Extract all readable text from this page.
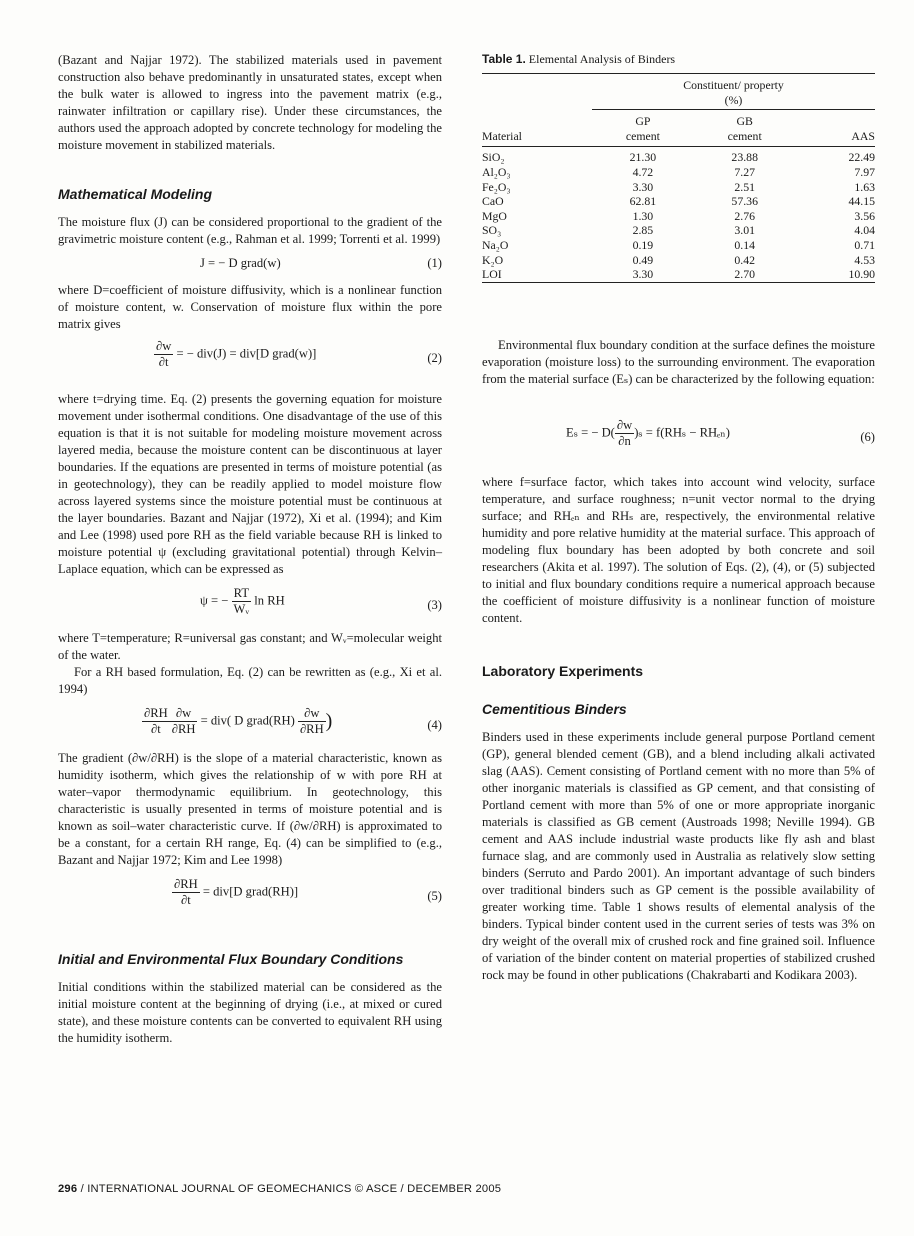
(Bazant and Najjar 1972). The stabilized materials used in pavement construction also behave predominantly in unsaturated states, except when the bulk water is allowed to ingress into the pavement matrix (e.g., rainwater infiltration or capillary rise). Under these circumstances, the authors used the approach adopted by concrete technology for modeling the moisture movement in stabilized materials.

Mathematical Modeling

The moisture flux (J) can be considered proportional to the gradient of the gravimetric moisture content (e.g., Rahman et al. 1999; Torrenti et al. 1999)

J = − D grad(w)	(1)

where D=coefficient of moisture diffusivity, which is a nonlinear function of moisture content, w. Conservation of moisture flux within the pore matrix gives

$\frac{\partial w}{\partial t}$ = − div(J) = div[D grad(w)]	(2)

where t=drying time. Eq. (2) presents the governing equation for moisture movement under isothermal conditions. One disadvantage of the use of this equation is that it is not suitable for modeling moisture movement across layered media, because the moisture content can be discontinuous at layer boundaries. If the equations are presented in terms of moisture potential (as in geotechnology), they can be readily applied to model moisture flow across layered systems since the moisture potential must be continuous at the layer boundaries. Bazant and Najjar (1972), Xi et al. (1994); and Kim and Lee (1998) used pore RH as the field variable because RH is linked to moisture potential ψ (excluding gravitational potential) through Kelvin–Laplace equation, which can be expressed as

ψ = − $\frac{RT}{\text{Wᵥ}}$ ln RH	(3)

where T=temperature; R=universal gas constant; and Wᵥ=molecular weight of the water.

For a RH based formulation, Eq. (2) can be rewritten as (e.g., Xi et al. 1994)

$\frac{\partial RH}{\partial t} \frac{\partial w}{\partial RH} = div$( D grad(RH) $\frac{\partial w}{\partial RH}$ )	(4)

The gradient (∂w/∂RH) is the slope of a material characteristic, known as humidity isotherm, which gives the relationship of w with pore RH at water–vapor thermodynamic equilibrium. In geotechnology, this characteristic is usually presented in terms of moisture potential and is known as soil–water characteristic curve. If (∂w/∂RH) is approximated to be a constant, for a certain RH range, Eq. (4) can be simplified to (e.g., Bazant and Najjar 1972; Kim and Lee 1998)

$\frac{\partial RH}{\partial t} = div[D$ grad(RH)]	(5)
Initial and Environmental Flux Boundary Conditions

Initial conditions within the stabilized material can be considered as the initial moisture content at the beginning of drying (i.e., at mixed or cured state), and these moisture contents can be converted to equivalent RH using the humidity isotherm.

Table 1. Elemental Analysis of Binders

	Constituent/ property
(%)		

	GP	GB	
Material	cement	cement	AAS
SiO₂	21.30	23.88	22.49
Al₂O₃	4.72	7.27	7.97
Fe₂O₃	3.30	2.51	1.63
CaO	62.81	57.36	44.15
MgO	1.30	2.76	3.56
SO₃	2.85	3.01	4.04
Na₂O	0.19	0.14	0.71
K₂O	0.49	0.42	4.53
LOI	3.30	2.70	10.90

Environmental flux boundary condition at the surface defines the moisture evaporation (moisture loss) to the surrounding environment. The evaporation from the material surface (Eₛ) can be characterized by the following equation:

Eₛ = − $D( \frac{\partial w}{\partial n} )_s = f(RH_s - RH_{en})$	(6)

where f=surface factor, which takes into account wind velocity, surface temperature, and surface roughness; n=unit vector normal to the drying surface; and RHₑₙ and RHₛ are, respectively, the environmental relative humidity and pore relative humidity at the material surface. This approach of modeling flux boundary has been adopted by both concrete and soil researchers (Akita et al. 1997). The solution of Eqs. (2), (4), or (5) subjected to initial and flux boundary conditions require a numerical approach because the coefficient of moisture diffusivity is a nonlinear function of moisture content.

Laboratory Experiments
Cementitious Binders

Binders used in these experiments include general purpose Portland cement (GP), general blended cement (GB), and a blend including alkali activated slag (AAS). Cement consisting of Portland cement with no more than 5% of other inorganic materials is classified as GP cement, and that consisting of Portland cement with more than 5% of one or more appropriate inorganic materials is classified as GB cement (Austroads 1998; Neville 1994). GB cement and AAS include industrial waste products like fly ash and blast furnace slag, and are commonly used in Australia as relatively slow setting binders (Serruto and Pardo 2001). An important advantage of such binders over traditional binders such as GP cement is the possible availability of greater working time. Table 1 shows results of elemental analysis of the binders. Typical binder content used in the current series of tests was 3% on dry weight of the overall mix of crushed rock and fine grained soil. Influence of variation of the binder content on material properties of stabilized crushed rock may be found in other publications (Chakrabarti and Kodikara 2003).

296 / INTERNATIONAL JOURNAL OF GEOMECHANICS © ASCE / DECEMBER 2005
